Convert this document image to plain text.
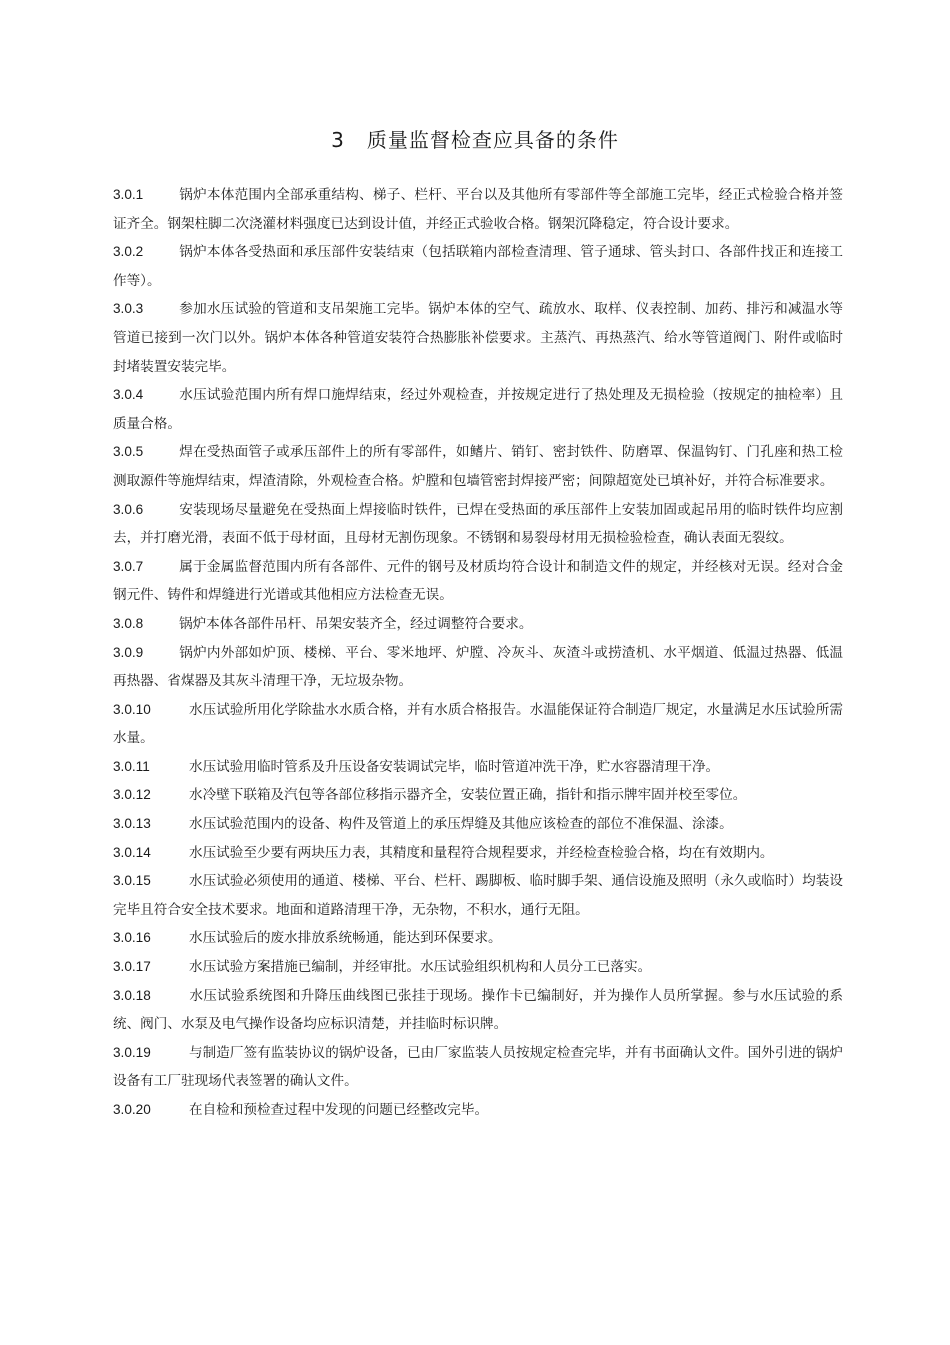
3 质量监督检查应具备的条件
3.0.1	锅炉本体范围内全部承重结构、梯子、栏杆、平台以及其他所有零部件等全部施工完毕，经正式检验合格并签证齐全。钢架柱脚二次浇灌材料强度已达到设计值，并经正式验收合格。钢架沉降稳定，符合设计要求。
3.0.2	锅炉本体各受热面和承压部件安装结束（包括联箱内部检查清理、管子通球、管头封口、各部件找正和连接工作等）。
3.0.3	参加水压试验的管道和支吊架施工完毕。锅炉本体的空气、疏放水、取样、仪表控制、加药、排污和减温水等管道已接到一次门以外。锅炉本体各种管道安装符合热膨胀补偿要求。主蒸汽、再热蒸汽、给水等管道阀门、附件或临时封堵装置安装完毕。
3.0.4	水压试验范围内所有焊口施焊结束，经过外观检查，并按规定进行了热处理及无损检验（按规定的抽检率）且质量合格。
3.0.5	焊在受热面管子或承压部件上的所有零部件，如鳍片、销钉、密封铁件、防磨罩、保温钩钉、门孔座和热工检测取源件等施焊结束，焊渣清除，外观检查合格。炉膛和包墙管密封焊接严密；间隙超宽处已填补好，并符合标准要求。
3.0.6	安装现场尽量避免在受热面上焊接临时铁件，已焊在受热面的承压部件上安装加固或起吊用的临时铁件均应割去，并打磨光滑，表面不低于母材面，且母材无割伤现象。不锈钢和易裂母材用无损检验检查，确认表面无裂纹。
3.0.7	属于金属监督范围内所有各部件、元件的钢号及材质均符合设计和制造文件的规定，并经核对无误。经对合金钢元件、铸件和焊缝进行光谱或其他相应方法检查无误。
3.0.8	锅炉本体各部件吊杆、吊架安装齐全，经过调整符合要求。
3.0.9	锅炉内外部如炉顶、楼梯、平台、零米地坪、炉膛、冷灰斗、灰渣斗或捞渣机、水平烟道、低温过热器、低温再热器、省煤器及其灰斗清理干净，无垃圾杂物。
3.0.10	水压试验所用化学除盐水水质合格，并有水质合格报告。水温能保证符合制造厂规定，水量满足水压试验所需水量。
3.0.11	水压试验用临时管系及升压设备安装调试完毕，临时管道冲洗干净，贮水容器清理干净。
3.0.12	水冷壁下联箱及汽包等各部位移指示器齐全，安装位置正确，指针和指示牌牢固并校至零位。
3.0.13	水压试验范围内的设备、构件及管道上的承压焊缝及其他应该检查的部位不准保温、涂漆。
3.0.14	水压试验至少要有两块压力表，其精度和量程符合规程要求，并经检查检验合格，均在有效期内。
3.0.15	水压试验必须使用的通道、楼梯、平台、栏杆、踢脚板、临时脚手架、通信设施及照明（永久或临时）均装设完毕且符合安全技术要求。地面和道路清理干净，无杂物，不积水，通行无阻。
3.0.16	水压试验后的废水排放系统畅通，能达到环保要求。
3.0.17	水压试验方案措施已编制，并经审批。水压试验组织机构和人员分工已落实。
3.0.18	水压试验系统图和升降压曲线图已张挂于现场。操作卡已编制好，并为操作人员所掌握。参与水压试验的系统、阀门、水泵及电气操作设备均应标识清楚，并挂临时标识牌。
3.0.19	与制造厂签有监装协议的锅炉设备，已由厂家监装人员按规定检查完毕，并有书面确认文件。国外引进的锅炉设备有工厂驻现场代表签署的确认文件。
3.0.20	在自检和预检查过程中发现的问题已经整改完毕。
